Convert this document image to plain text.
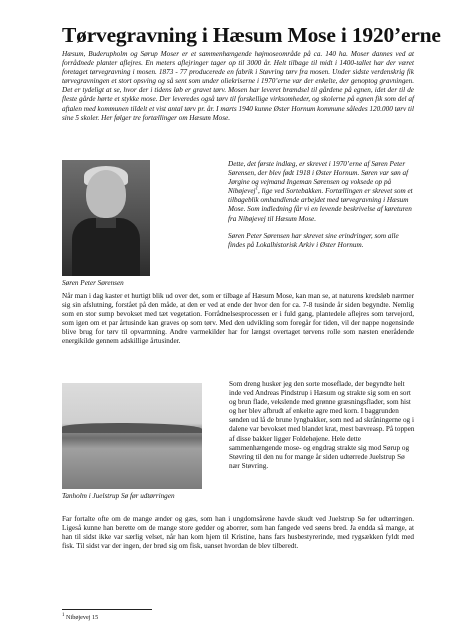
Tørvegravning i Hæsum Mose i 1920’erne
Hæsum, Buderupholm og Sørup Moser er et sammenhængende højmoseområde på ca. 140 ha. Moser dannes ved at forrådnede planter aflejres. En meters aflejringer tager op til 3000 år. Helt tilbage til midt i 1400-tallet har der været foretaget tørvegravning i mosen. 1873 - 77 producerede en fabrik i Støvring tørv fra mosen. Under sidste verdenskrig fik tørvegravningen et stort opsving og så sent som under oliekriserne i 1970’erne var der enkelte, der genoptog gravningen. Det er tydeligt at se, hvor der i tidens løb er gravet tørv. Mosen har leveret brændsel til gårdene på egnen, idet der til de fleste gårde hørte et stykke mose. Der leveredes også tørv til forskellige virksomheder, og skolerne på egnen fik som del af aftalen med kommunen tildelt et vist antal tørv pr. år. I marts 1940 kunne Øster Hornum kommune således 120.000 tørv til sine 5 skoler. Her følger tre fortællinger om Hæsum Mose.
Søren Peter Sørensen

Dette, det første indlæg, er skrevet i 1970’erne af Søren Peter Sørensen, der blev født 1918 i Øster Hornum. Søren var søn af Jørgine og vejmand Ingeman Sørensen og voksede op på Nibøjevej$^1$, lige ved Sortebakken. Fortællingen er skrevet som et tilbageblik omhandlende arbejdet med tørvegravning i Hæsum Mose. Som indledning får vi en levende beskrivelse af køreturen fra Nibøjevej til Hæsum Mose.

Søren Peter Sørensen har skrevet sine erindringer, som alle findes på Lokalhistorisk Arkiv i Øster Hornum.

Når man i dag kaster et hurtigt blik ud over det, som er tilbage af Hæsum Mose, kan man se, at naturens kredsløb nærmer sig sin afslutning, forstået på den måde, at den er ved at ende der hvor den for ca. 7-8 tusinde år siden begyndte. Nemlig som en stor sump bevokset med tæt vegetation. Forrådnelsesprocessen er i fuld gang, plantedele aflejres som tørvejord, som igen om et par årtusinde kan graves op som tørv. Med den udvikling som foregår for tiden, vil der nappe nogensinde blive brug for tørv til opvarmning. Andre varmekilder har for længst overtaget tørvens rolle som næsten enerådende energikilde gennem adskillige årtusinder.
Tanholm i Juelstrup Sø før udtørringen
Som dreng husker jeg den sorte moseflade, der begyndte helt inde ved Andreas Pindstrup i Hæsum og strakte sig som en sort og brun flade, vekslende med grønne græsningsflader, som hist og her blev afbrudt af enkelte agre med korn. I baggrunden sønden ud lå de brune lyngbakker, som ned ad skråningerne og i dalene var bevokset med blandet krat, mest bævreasp. På toppen af disse bakker ligger Foldehøjene. Hele dette sammenhængende mose- og engdrag strakte sig mod Sørup og Støvring til den nu for mange år siden udtørrede Juelstrup Sø nær Støvring.
Far fortalte ofte om de mange ænder og gæs, som han i ungdomsårene havde skudt ved Juelstrup Sø før udtørringen. Ligeså kunne han berette om de mange store gedder og aborrer, som han fangede ved søens bred. Ja endda så mange, at han til sidst ikke var særlig velset, når han kom hjem til Kristine, hans fars husbestyrerinde, med rygsækken fyldt med fisk. Til sidst var der ingen, der brød sig om fisk, uanset hvordan de blev tilberedt.
$^1$ Nibøjevej 15
